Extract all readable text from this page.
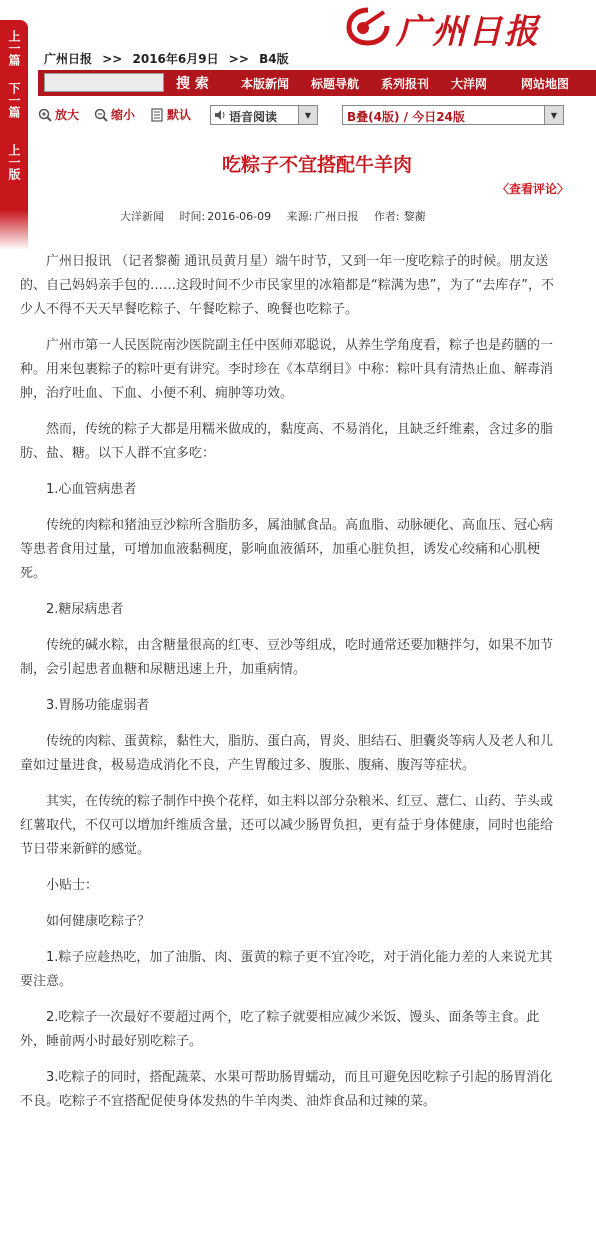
上一篇
下一篇
上一版
广州日报
广州日报 >> 2016年6月9日 >> B4版
搜 索	本版新闻	标题导航	系列报刊	大洋网	网站地图
放大	缩小	默认	语音阅读	▼	B叠(4版) / 今日24版	▼
吃粽子不宜搭配牛羊肉
〈查看评论〉
大洋新闻 时间: 2016-06-09 来源: 广州日报 作者: 黎蘅

广州日报讯 （记者黎蘅 通讯员黄月星）端午时节，又到一年一度吃粽子的时候。朋友送的、自己妈妈亲手包的……这段时间不少市民家里的冰箱都是“粽满为患”，为了“去库存”，不少人不得不天天早餐吃粽子、午餐吃粽子、晚餐也吃粽子。

广州市第一人民医院南沙医院副主任中医师邓聪说，从养生学角度看，粽子也是药膳的一种。用来包裹粽子的粽叶更有讲究。李时珍在《本草纲目》中称：粽叶具有清热止血、解毒消肿，治疗吐血、下血、小便不利、痈肿等功效。

然而，传统的粽子大都是用糯米做成的，黏度高、不易消化，且缺乏纤维素，含过多的脂肪、盐、糖。以下人群不宜多吃：

1.心血管病患者

传统的肉粽和猪油豆沙粽所含脂肪多，属油腻食品。高血脂、动脉硬化、高血压、冠心病等患者食用过量，可增加血液黏稠度，影响血液循环，加重心脏负担，诱发心绞痛和心肌梗死。

2.糖尿病患者

传统的碱水粽，由含糖量很高的红枣、豆沙等组成，吃时通常还要加糖拌匀，如果不加节制，会引起患者血糖和尿糖迅速上升，加重病情。

3.胃肠功能虚弱者

传统的肉粽、蛋黄粽，黏性大，脂肪、蛋白高，胃炎、胆结石、胆囊炎等病人及老人和儿童如过量进食，极易造成消化不良，产生胃酸过多、腹胀、腹痛、腹泻等症状。

其实，在传统的粽子制作中换个花样，如主料以部分杂粮米、红豆、薏仁、山药、芋头或红薯取代，不仅可以增加纤维质含量，还可以减少肠胃负担，更有益于身体健康，同时也能给节日带来新鲜的感觉。

小贴士：

如何健康吃粽子？

1.粽子应趁热吃，加了油脂、肉、蛋黄的粽子更不宜冷吃，对于消化能力差的人来说尤其要注意。

2.吃粽子一次最好不要超过两个，吃了粽子就要相应减少米饭、馒头、面条等主食。此外，睡前两小时最好别吃粽子。

3.吃粽子的同时，搭配蔬菜、水果可帮助肠胃蠕动，而且可避免因吃粽子引起的肠胃消化不良。吃粽子不宜搭配促使身体发热的牛羊肉类、油炸食品和过辣的菜。
